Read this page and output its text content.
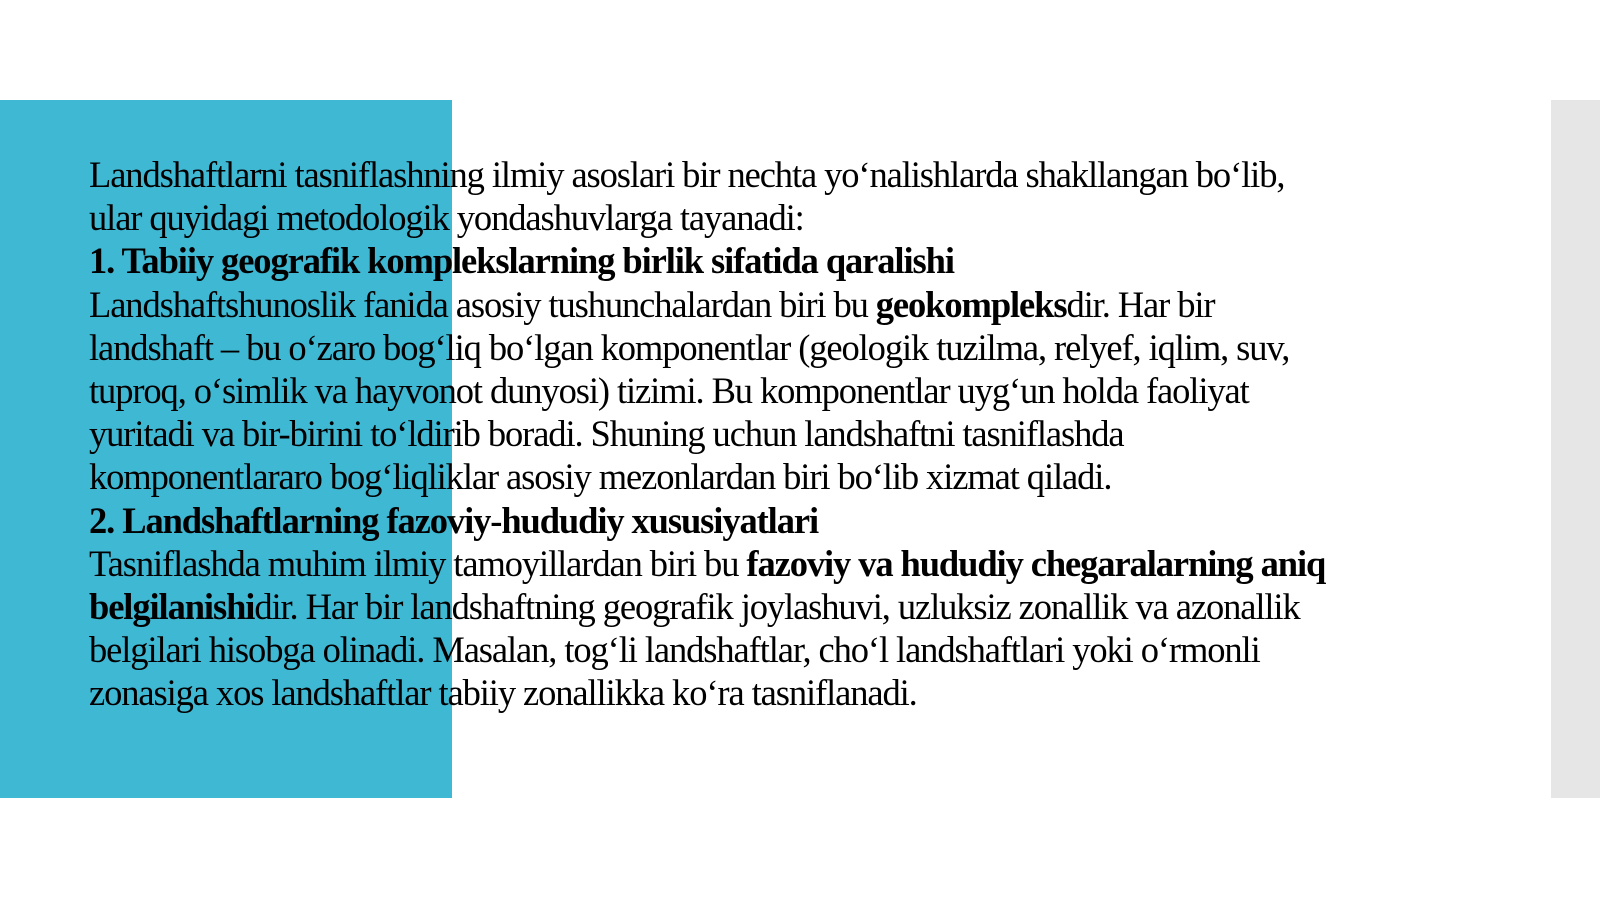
Landshaftlarni tasniflashning ilmiy asoslari bir nechta yo‘nalishlarda shakllangan bo‘lib,

ular quyidagi metodologik yondashuvlarga tayanadi:

1. Tabiiy geografik komplekslarning birlik sifatida qaralishi

Landshaftshunoslik fanida asosiy tushunchalardan biri bu geokompleksdir. Har bir

landshaft – bu o‘zaro bog‘liq bo‘lgan komponentlar (geologik tuzilma, relyef, iqlim, suv,

tuproq, o‘simlik va hayvonot dunyosi) tizimi. Bu komponentlar uyg‘un holda faoliyat

yuritadi va bir-birini to‘ldirib boradi. Shuning uchun landshaftni tasniflashda

komponentlararo bog‘liqliklar asosiy mezonlardan biri bo‘lib xizmat qiladi.

2. Landshaftlarning fazoviy-hududiy xususiyatlari

Tasniflashda muhim ilmiy tamoyillardan biri bu fazoviy va hududiy chegaralarning aniq

belgilanishidir. Har bir landshaftning geografik joylashuvi, uzluksiz zonallik va azonallik

belgilari hisobga olinadi. Masalan, tog‘li landshaftlar, cho‘l landshaftlari yoki o‘rmonli

zonasiga xos landshaftlar tabiiy zonallikka ko‘ra tasniflanadi.
